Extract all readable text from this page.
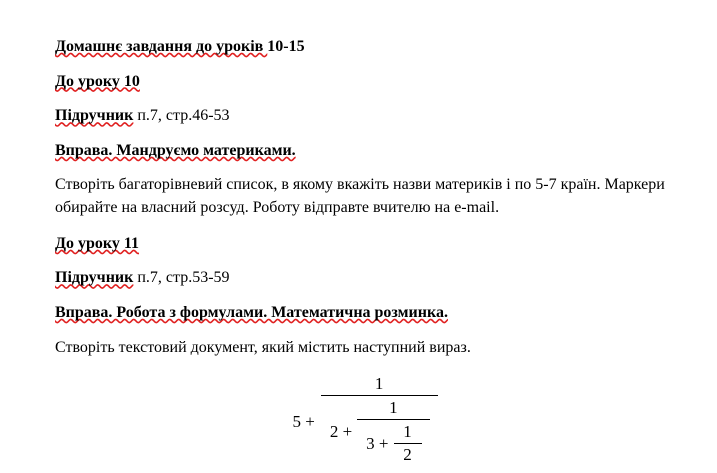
Домашнє завдання до уроків 10-15

До уроку 10

Підручник п.7, стр.46-53

Вправа. Мандруємо материками.

Створіть багаторівневий список, в якому вкажіть назви материків і по 5-7 країн. Маркери обирайте на власний розсуд. Роботу відправте вчителю на e-mail.

До уроку 11

Підручник п.7, стр.53-59

Вправа. Робота з формулами. Математична розминка.

Створіть текстовий документ, який містить наступний вираз.

5 +
1
2 +
1
$3 + \frac{1}{2}$
